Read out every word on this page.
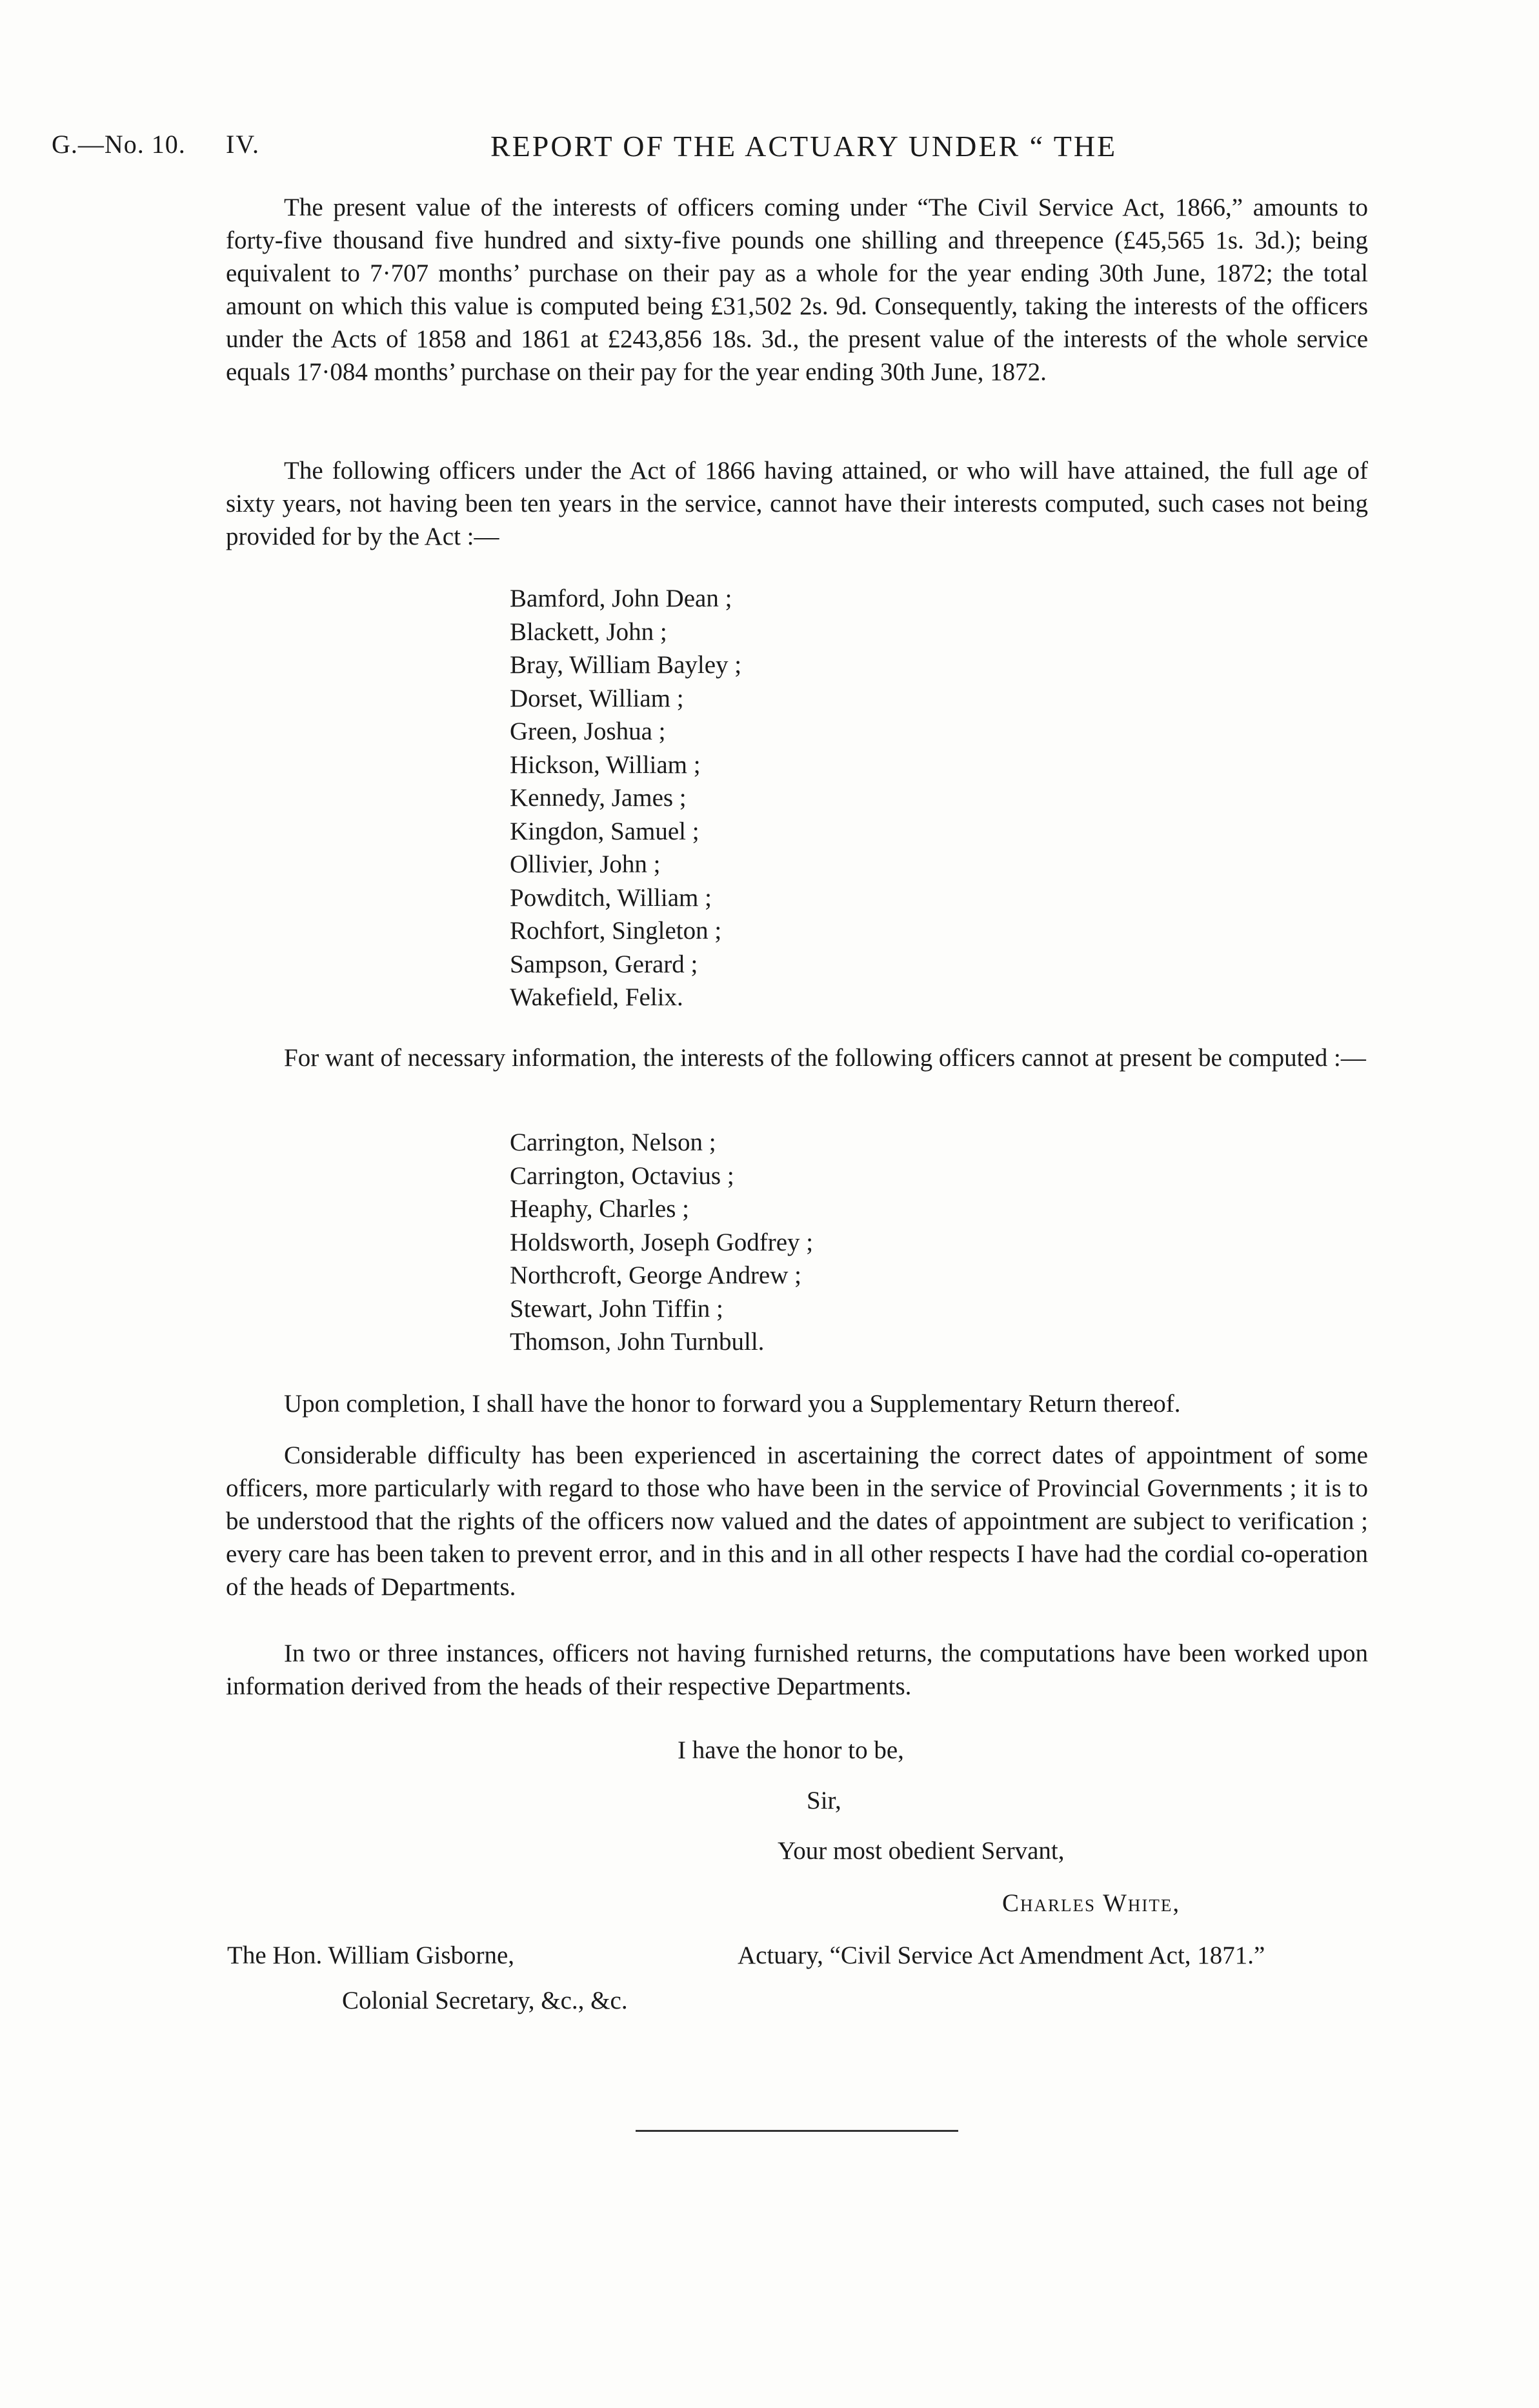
G.—No. 10. IV.	REPORT OF THE ACTUARY UNDER “ THE

The present value of the interests of officers coming under “The Civil Service Act, 1866,” amounts to forty-five thousand five hundred and sixty-five pounds one shilling and threepence (£45,565 1s. 3d.); being equivalent to 7·707 months’ purchase on their pay as a whole for the year ending 30th June, 1872; the total amount on which this value is computed being £31,502 2s. 9d. Consequently, taking the interests of the officers under the Acts of 1858 and 1861 at £243,856 18s. 3d., the present value of the interests of the whole service equals 17·084 months’ purchase on their pay for the year ending 30th June, 1872.

The following officers under the Act of 1866 having attained, or who will have attained, the full age of sixty years, not having been ten years in the service, cannot have their interests computed, such cases not being provided for by the Act :—

Bamford, John Dean ;
Blackett, John ;
Bray, William Bayley ;
Dorset, William ;
Green, Joshua ;
Hickson, William ;
Kennedy, James ;
Kingdon, Samuel ;
Ollivier, John ;
Powditch, William ;
Rochfort, Singleton ;
Sampson, Gerard ;
Wakefield, Felix.

For want of necessary information, the interests of the following officers cannot at present be computed :—

Carrington, Nelson ;
Carrington, Octavius ;
Heaphy, Charles ;
Holdsworth, Joseph Godfrey ;
Northcroft, George Andrew ;
Stewart, John Tiffin ;
Thomson, John Turnbull.

Upon completion, I shall have the honor to forward you a Supplementary Return thereof.

Considerable difficulty has been experienced in ascertaining the correct dates of appointment of some officers, more particularly with regard to those who have been in the service of Provincial Governments ; it is to be understood that the rights of the officers now valued and the dates of appointment are subject to verification ; every care has been taken to prevent error, and in this and in all other respects I have had the cordial co-operation of the heads of Departments.

In two or three instances, officers not having furnished returns, the computations have been worked upon information derived from the heads of their respective Departments.

I have the honor to be,
Sir,
Your most obedient Servant,
Charles White,
Actuary, “Civil Service Act Amendment Act, 1871.”
The Hon. William Gisborne,
Colonial Secretary, &c., &c.
